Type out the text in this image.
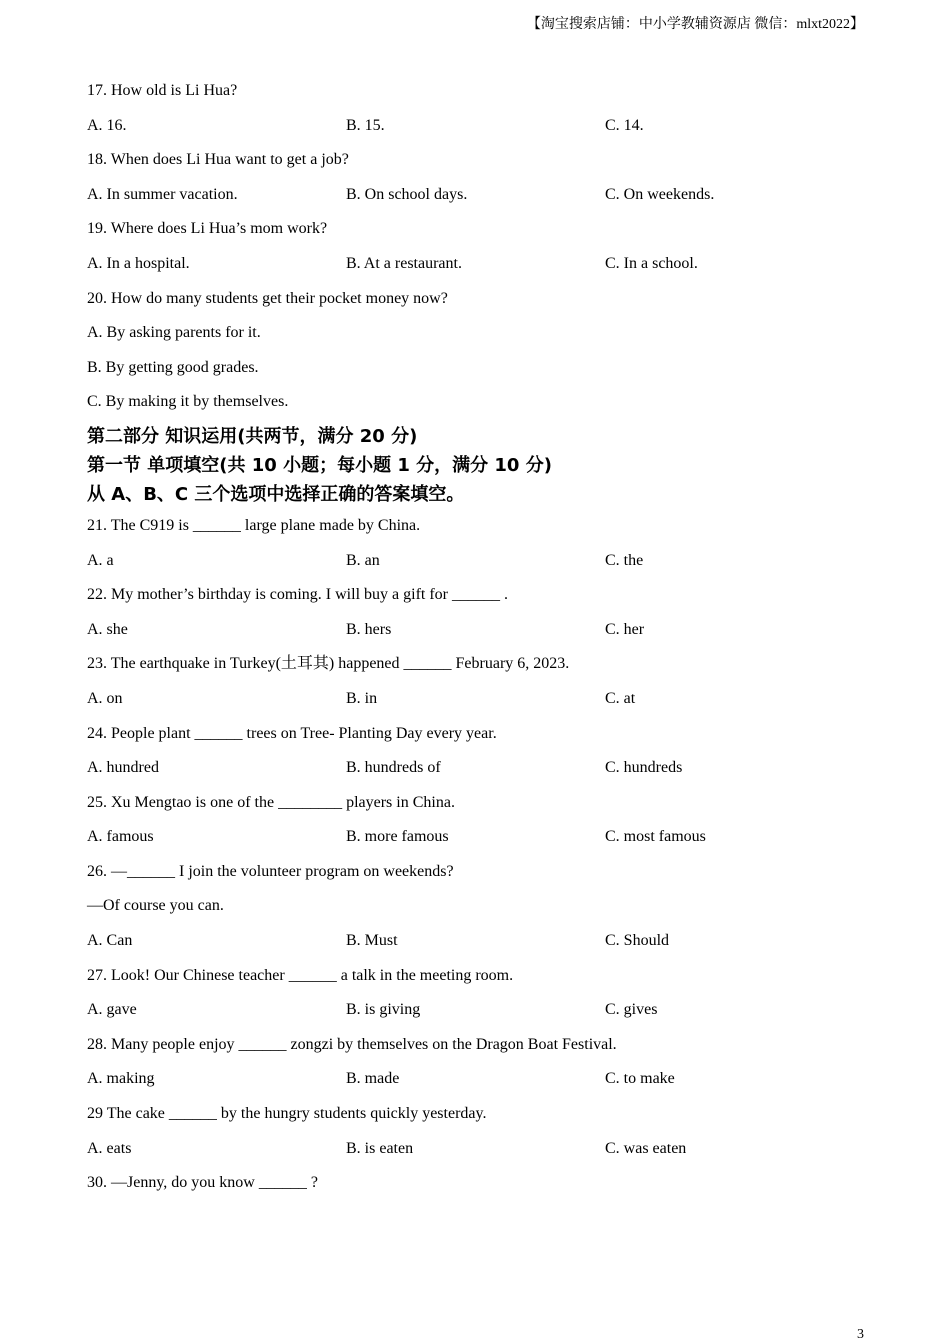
【淘宝搜索店铺：中小学教辅资源店 微信：mlxt2022】
17. How old is Li Hua?
A. 16.	B. 15.	C. 14.
18. When does Li Hua want to get a job?
A. In summer vacation.	B. On school days.	C. On weekends.
19. Where does Li Hua’s mom work?
A. In a hospital.	B. At a restaurant.	C. In a school.
20. How do many students get their pocket money now?
A. By asking parents for it.
B. By getting good grades.
C. By making it by themselves.
第二部分 知识运用(共两节，满分 20 分)
第一节 单项填空(共 10 小题；每小题 1 分，满分 10 分)
从 A、B、C 三个选项中选择正确的答案填空。
21. The C919 is ______ large plane made by China.
A. a	B. an	C. the
22. My mother’s birthday is coming. I will buy a gift for ______ .
A. she	B. hers	C. her
23. The earthquake in Turkey(土耳其) happened ______ February 6, 2023.
A. on	B. in	C. at
24. People plant ______ trees on Tree- Planting Day every year.
A. hundred	B. hundreds of	C. hundreds
25. Xu Mengtao is one of the ________ players in China.
A. famous	B. more famous	C. most famous
26. —______ I join the volunteer program on weekends?
—Of course you can.
A. Can	B. Must	C. Should
27. Look! Our Chinese teacher ______ a talk in the meeting room.
A. gave	B. is giving	C. gives
28. Many people enjoy ______ zongzi by themselves on the Dragon Boat Festival.
A. making	B. made	C. to make
29 The cake ______ by the hungry students quickly yesterday.
A. eats	B. is eaten	C. was eaten
30. —Jenny, do you know ______ ?
3
